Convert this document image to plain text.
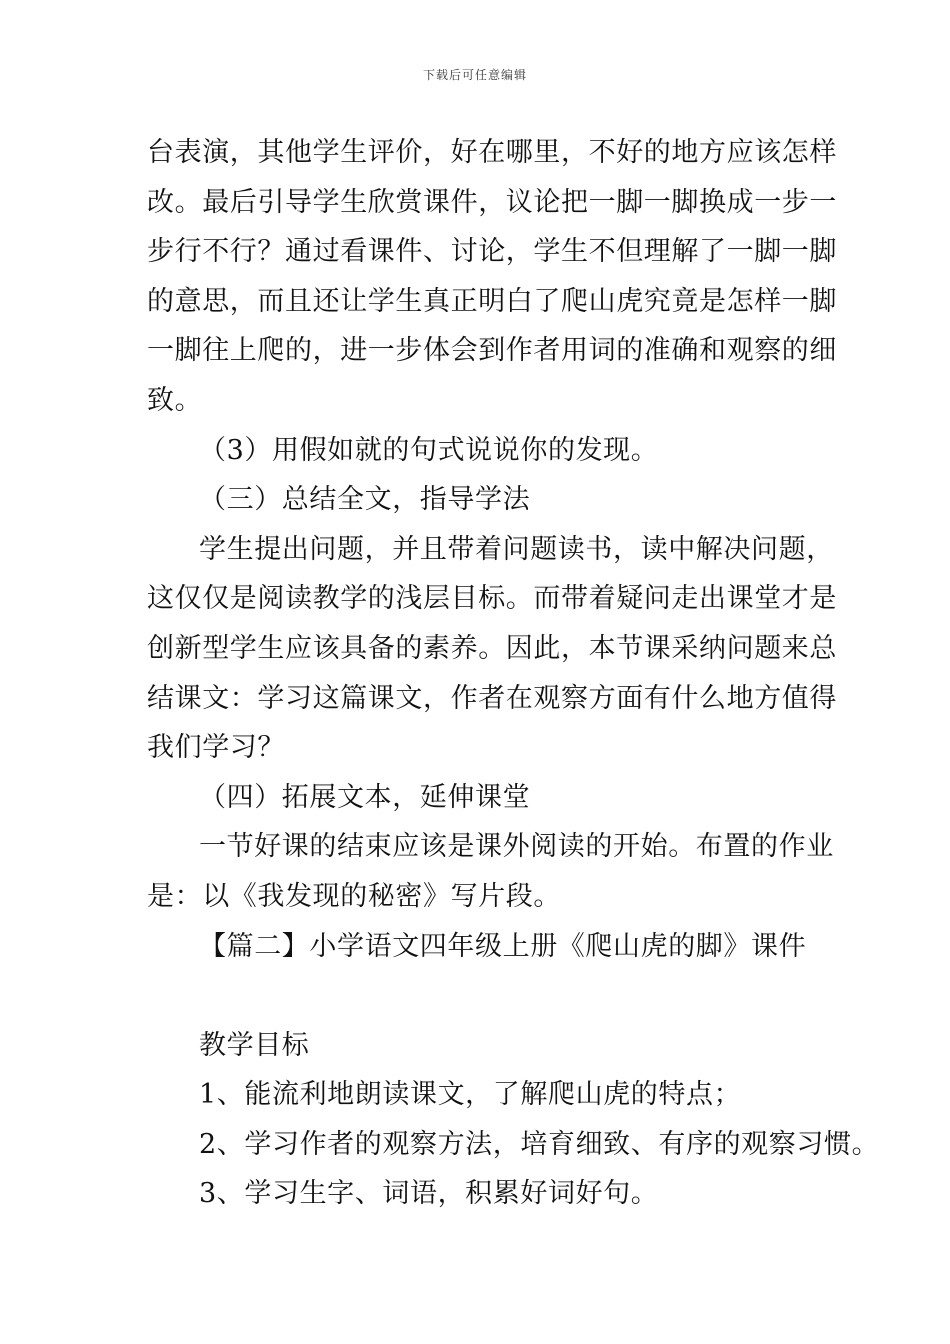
下载后可任意编辑
台表演，其他学生评价，好在哪里，不好的地方应该怎样
改。最后引导学生欣赏课件，议论把一脚一脚换成一步一
步行不行？通过看课件、讨论，学生不但理解了一脚一脚
的意思，而且还让学生真正明白了爬山虎究竟是怎样一脚
一脚往上爬的，进一步体会到作者用词的准确和观察的细
致。
（3）用假如就的句式说说你的发现。
（三）总结全文，指导学法
学生提出问题，并且带着问题读书，读中解决问题，
这仅仅是阅读教学的浅层目标。而带着疑问走出课堂才是
创新型学生应该具备的素养。因此，本节课采纳问题来总
结课文：学习这篇课文，作者在观察方面有什么地方值得
我们学习？
（四）拓展文本，延伸课堂
一节好课的结束应该是课外阅读的开始。布置的作业
是：以《我发现的秘密》写片段。
【篇二】小学语文四年级上册《爬山虎的脚》课件
教学目标
1、能流利地朗读课文，了解爬山虎的特点；
2、学习作者的观察方法，培育细致、有序的观察习惯。
3、学习生字、词语，积累好词好句。
